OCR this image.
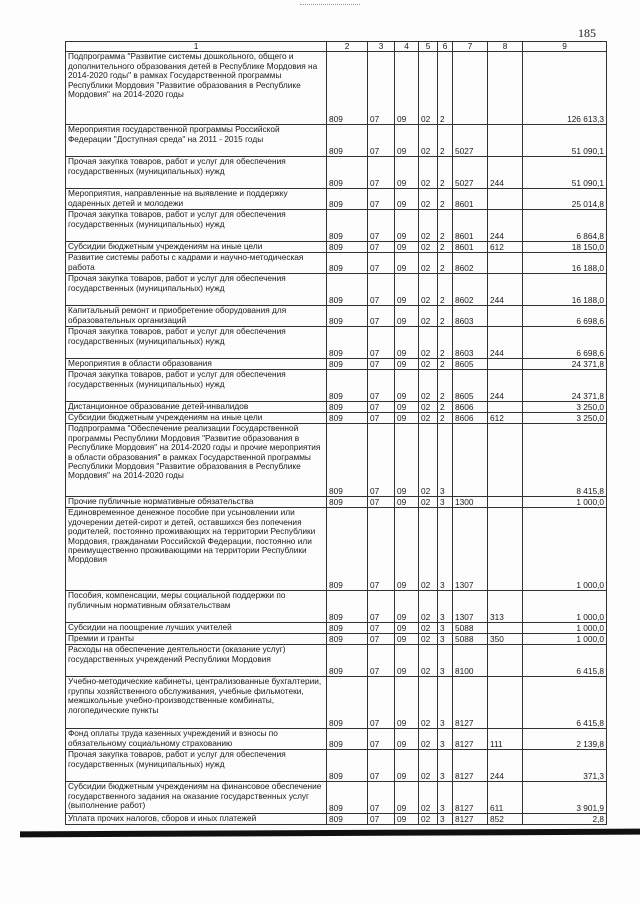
185
1	2	3	4	5	6	7	8	9
Подпрограмма "Развитие системы дошкольного, общего и дополнительного образования детей в Республике Мордовия на 2014-2020 годы" в рамках Государственной программы Республики Мордовия "Развитие образования в Республике Мордовия" на 2014-2020 годы	809	07	09	02	2			126 613,3
Мероприятия государственной программы Российской Федерации "Доступная среда" на 2011 - 2015 годы	809	07	09	02	2	5027		51 090,1
Прочая закупка товаров, работ и услуг для обеспечения государственных (муниципальных) нужд	809	07	09	02	2	5027	244	51 090,1
Мероприятия, направленные на выявление и поддержку одаренных детей и молодежи	809	07	09	02	2	8601		25 014,8
Прочая закупка товаров, работ и услуг для обеспечения государственных (муниципальных) нужд	809	07	09	02	2	8601	244	6 864,8
Субсидии бюджетным учреждениям на иные цели	809	07	09	02	2	8601	612	18 150,0
Развитие системы работы с кадрами и научно-методическая работа	809	07	09	02	2	8602		16 188,0
Прочая закупка товаров, работ и услуг для обеспечения государственных (муниципальных) нужд	809	07	09	02	2	8602	244	16 188,0
Капитальный ремонт и приобретение оборудования для образовательных организаций	809	07	09	02	2	8603		6 698,6
Прочая закупка товаров, работ и услуг для обеспечения государственных (муниципальных) нужд	809	07	09	02	2	8603	244	6 698,6
Мероприятия в области образования	809	07	09	02	2	8605		24 371,8
Прочая закупка товаров, работ и услуг для обеспечения государственных (муниципальных) нужд	809	07	09	02	2	8605	244	24 371,8
Дистанционное образование детей-инвалидов	809	07	09	02	2	8606		3 250,0
Субсидии бюджетным учреждениям на иные цели	809	07	09	02	2	8606	612	3 250,0
Подпрограмма "Обеспечение реализации Государственной программы Республики Мордовия "Развитие образования в Республике Мордовия" на 2014-2020 годы и прочие мероприятия в области образования" в рамках Государственной программы Республики Мордовия "Развитие образования в Республике Мордовия" на 2014-2020 годы	809	07	09	02	3			8 415,8
Прочие публичные нормативные обязательства	809	07	09	02	3	1300		1 000,0
Единовременное денежное пособие при усыновлении или удочерении детей-сирот и детей, оставшихся без попечения родителей, постоянно проживающих на территории Республики Мордовия, гражданами Российской Федерации, постоянно или преимущественно проживающими на территории Республики Мордовия	809	07	09	02	3	1307		1 000,0
Пособия, компенсации, меры социальной поддержки по публичным нормативным обязательствам	809	07	09	02	3	1307	313	1 000,0
Субсидии на поощрение лучших учителей	809	07	09	02	3	5088		1 000,0
Премии и гранты	809	07	09	02	3	5088	350	1 000,0
Расходы на обеспечение деятельности (оказание услуг) государственных учреждений Республики Мордовия	809	07	09	02	3	8100		6 415,8
Учебно-методические кабинеты, централизованные бухгалтерии, группы хозяйственного обслуживания, учебные фильмотеки, межшкольные учебно-производственные комбинаты, логопедические пункты	809	07	09	02	3	8127		6 415,8
Фонд оплаты труда казенных учреждений и взносы по обязательному социальному страхованию	809	07	09	02	3	8127	111	2 139,8
Прочая закупка товаров, работ и услуг для обеспечения государственных (муниципальных) нужд	809	07	09	02	3	8127	244	371,3
Субсидии бюджетным учреждениям на финансовое обеспечение государственного задания на оказание государственных услуг (выполнение работ)	809	07	09	02	3	8127	611	3 901,9
Уплата прочих налогов, сборов и иных платежей	809	07	09	02	3	8127	852	2,8
